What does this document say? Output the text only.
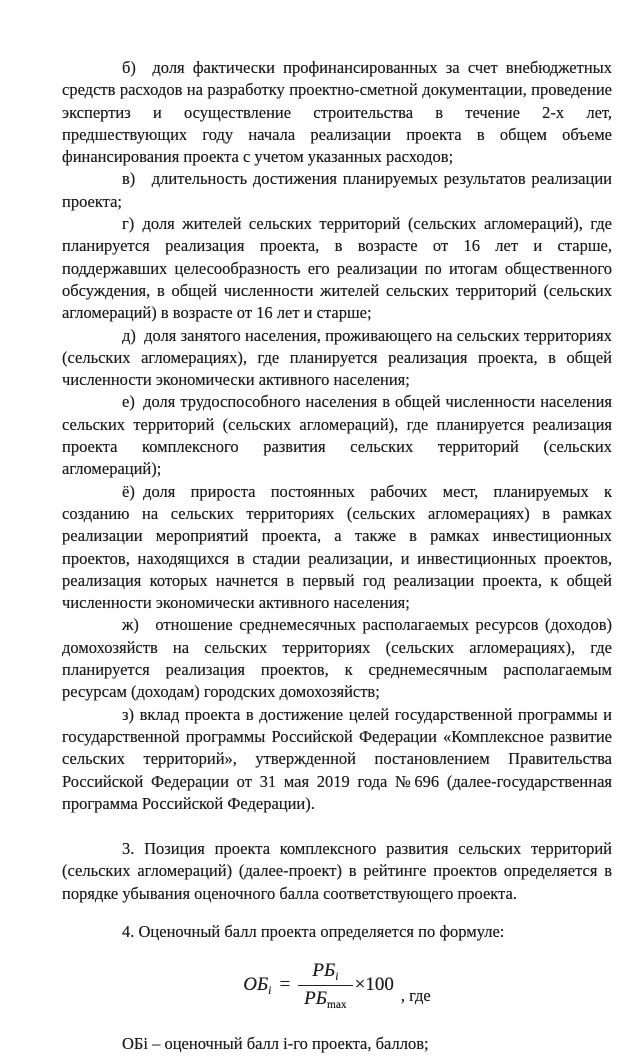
б) доля фактически профинансированных за счет внебюджетных средств расходов на разработку проектно-сметной документации, проведение экспертиз и осуществление строительства в течение 2-х лет, предшествующих году начала реализации проекта в общем объеме финансирования проекта с учетом указанных расходов;

в) длительность достижения планируемых результатов реализации проекта;

г) доля жителей сельских территорий (сельских агломераций), где планируется реализация проекта, в возрасте от 16 лет и старше, поддержавших целесообразность его реализации по итогам общественного обсуждения, в общей численности жителей сельских территорий (сельских агломераций) в возрасте от 16 лет и старше;

д) доля занятого населения, проживающего на сельских территориях (сельских агломерациях), где планируется реализация проекта, в общей численности экономически активного населения;

е) доля трудоспособного населения в общей численности населения сельских территорий (сельских агломераций), где планируется реализация проекта комплексного развития сельских территорий (сельских агломераций);

ё) доля прироста постоянных рабочих мест, планируемых к созданию на сельских территориях (сельских агломерациях) в рамках реализации мероприятий проекта, а также в рамках инвестиционных проектов, находящихся в стадии реализации, и инвестиционных проектов, реализация которых начнется в первый год реализации проекта, к общей численности экономически активного населения;

ж) отношение среднемесячных располагаемых ресурсов (доходов) домохозяйств на сельских территориях (сельских агломерациях), где планируется реализация проектов, к среднемесячным располагаемым ресурсам (доходам) городских домохозяйств;

з) вклад проекта в достижение целей государственной программы и государственной программы Российской Федерации «Комплексное развитие сельских территорий», утвержденной постановлением Правительства Российской Федерации от 31 мая 2019 года №696 (далее-государственная программа Российской Федерации).

3. Позиция проекта комплексного развития сельских территорий (сельских агломераций) (далее-проект) в рейтинге проектов определяется в порядке убывания оценочного балла соответствующего проекта.

4. Оценочный балл проекта определяется по формуле:

$ОБ_i = \frac{РБ_i}{РБ_{max}} \times 100$
, где

ОБi – оценочный балл i-го проекта, баллов;
